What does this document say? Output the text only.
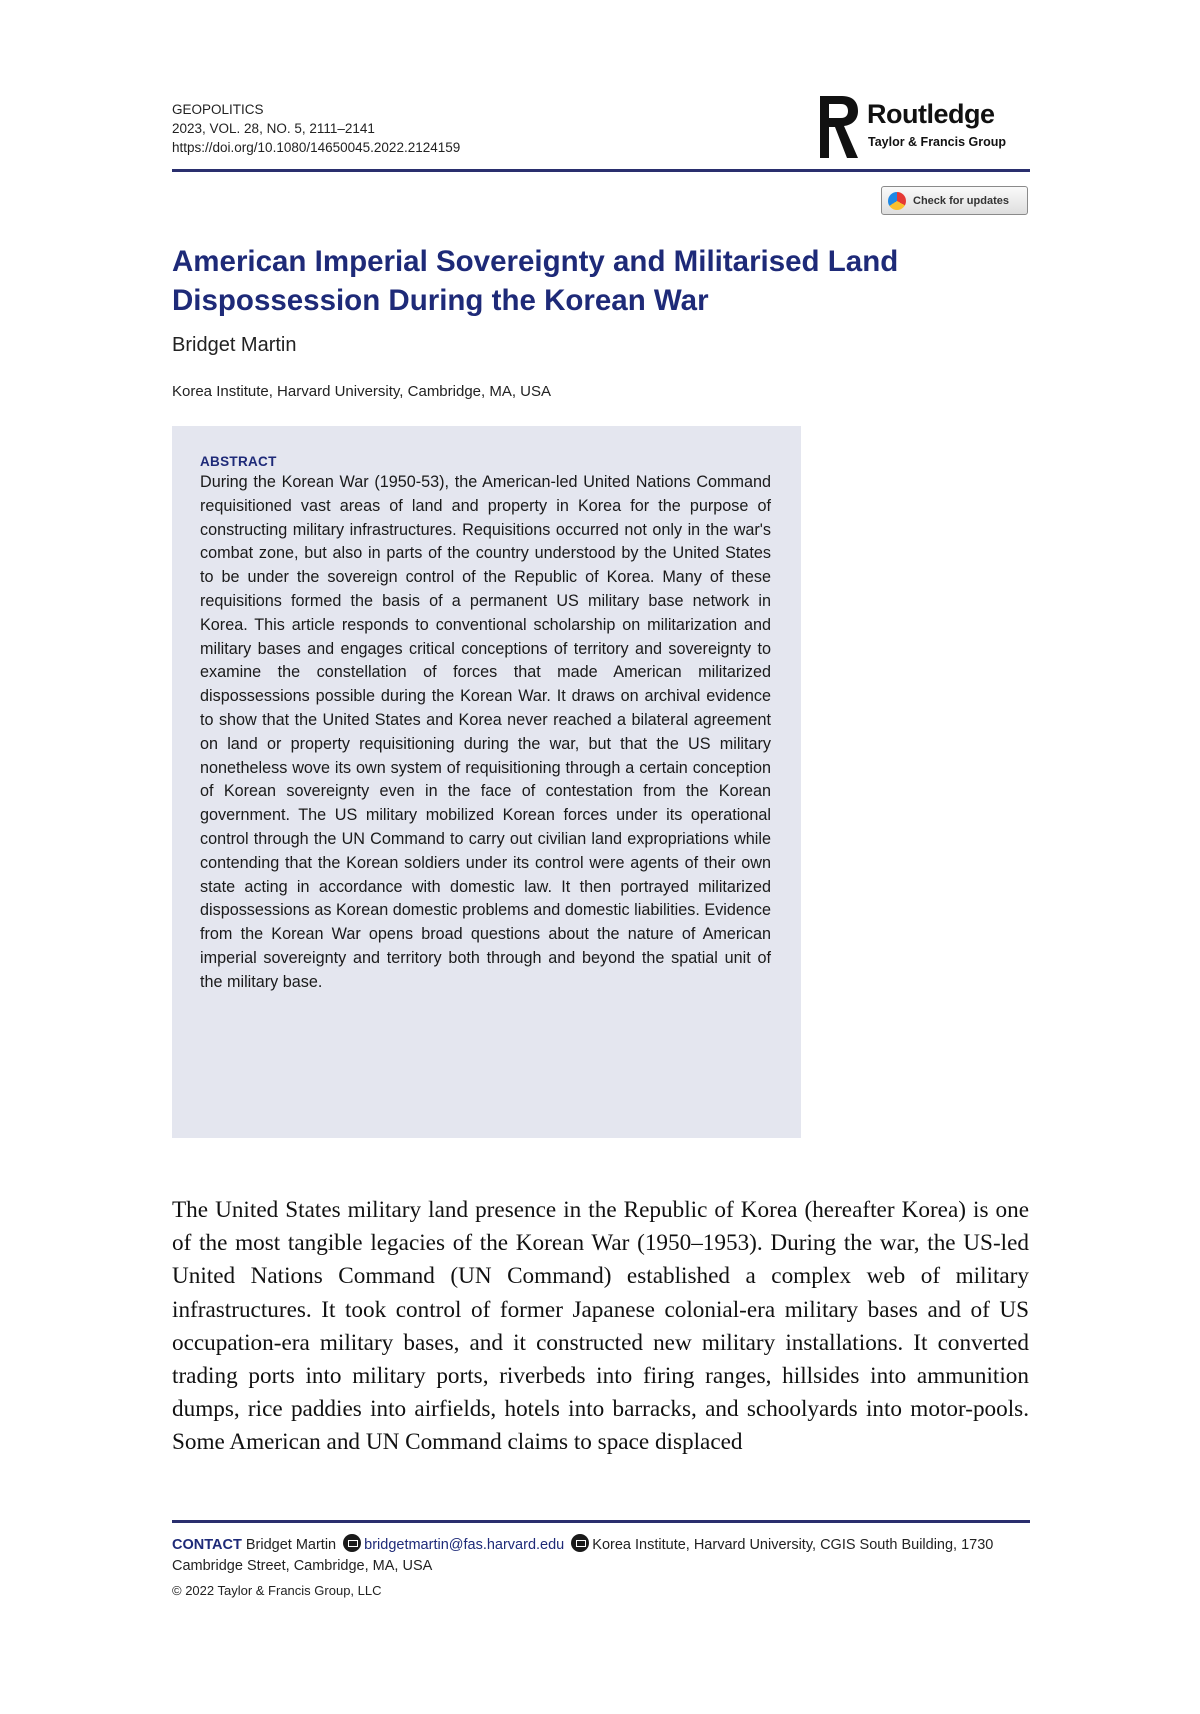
GEOPOLITICS
2023, VOL. 28, NO. 5, 2111–2141
https://doi.org/10.1080/14650045.2022.2124159
Routledge
Taylor & Francis Group
Check for updates
American Imperial Sovereignty and Militarised Land Dispossession During the Korean War
Bridget Martin
Korea Institute, Harvard University, Cambridge, MA, USA
ABSTRACT

During the Korean War (1950-53), the American-led United Nations Command requisitioned vast areas of land and property in Korea for the purpose of constructing military infrastructures. Requisitions occurred not only in the war's combat zone, but also in parts of the country understood by the United States to be under the sovereign control of the Republic of Korea. Many of these requisitions formed the basis of a permanent US military base network in Korea. This article responds to conventional scholarship on militarization and military bases and engages critical conceptions of territory and sovereignty to examine the constellation of forces that made American militarized dispossessions possible during the Korean War. It draws on archival evidence to show that the United States and Korea never reached a bilateral agreement on land or property requisitioning during the war, but that the US military nonetheless wove its own system of requisitioning through a certain conception of Korean sovereignty even in the face of contestation from the Korean government. The US military mobilized Korean forces under its operational control through the UN Command to carry out civilian land expropriations while contending that the Korean soldiers under its control were agents of their own state acting in accordance with domestic law. It then portrayed militarized dispossessions as Korean domestic problems and domestic liabilities. Evidence from the Korean War opens broad questions about the nature of American imperial sovereignty and territory both through and beyond the spatial unit of the military base.

The United States military land presence in the Republic of Korea (hereafter Korea) is one of the most tangible legacies of the Korean War (1950–1953). During the war, the US-led United Nations Command (UN Command) established a complex web of military infrastructures. It took control of former Japanese colonial-era military bases and of US occupation-era military bases, and it constructed new military installations. It converted trading ports into military ports, riverbeds into firing ranges, hillsides into ammunition dumps, rice paddies into airfields, hotels into barracks, and schoolyards into motor-pools. Some American and UN Command claims to space displaced

CONTACT Bridget Martin bridgetmartin@fas.harvard.edu Korea Institute, Harvard University, CGIS South Building, 1730 Cambridge Street, Cambridge, MA, USA
© 2022 Taylor & Francis Group, LLC
